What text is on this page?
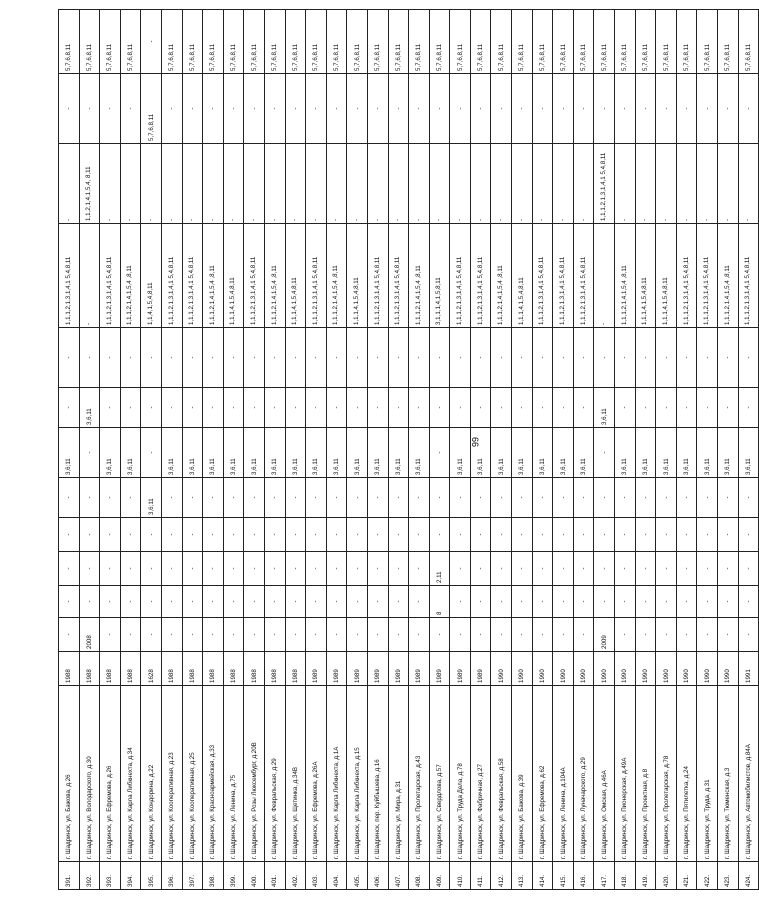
66
391.	г. Шадринск, ул. Бажова, д.26	1988	-	-	-	-	-	3,6;11	-	-	1,1,1,2,1,3,1,4,1 5,4,8,11	-	-	5,7,6,8,11
392.	г. Шадринск, ул. Володарского, д.30	1988	2008	-	-	-	-	-	3,6,11	-	-	1,1,2,1,4,1,5,4, 8,11	-	5,7,6,8,11
393.	г. Шадринск, ул. Ефремова, д.26	1988	-	-	-	-	-	3,6,11	-	-	1,1,1,2,1,3,1,4,1 5,4,8,11	-	-	5,7,6,8,11
394.	г. Шадринск, ул. Карла Либкнехта, д.34	1988	-	-	-	-	-	3,6,11	-	-	1,1,1,2,1,4,1,5,4 ,8,11	-	-	5,7,6,8,11
395.	г. Шадринск, ул. Кондорина, д.22	1628	-	-	-	-	3,6;11	-	-	-	1,1,4,1,5,4,8,11	-	5,7,6,8,11	-
396.	г. Шадринск, ул. Кооперативная, д.23	1988	-	-	-	-	-	3,6,11	-	-	1,1,1,2,1,3,1,4,1 5,4,8,11	-	-	5,7,6,8,11
397.	г. Шадринск, ул. Кооперативная, д.25	1988	-	-	-	-	-	3,6,11	-	-	1,1,1,2,1,3,1,4,1 5,4,8,11	-	-	5,7,6,8,11
398.	г. Шадринск, ул. Красноармейская, д.33	1988	-	-	-	-	-	3,6,11	-	-	1,1,1,2,1,4,1,5,4 ,8,11	-	-	5,7,6,8,11
399.	г. Шадринск, ул. Ленина, д.75	1988	-	-	-	-	-	3,6,11	-	-	1,1,1,4,1,5,4,8,11	-	-	5,7,6,8,11
400.	г. Шадринск, ул. Розы Люксембург, д.20В	1988	-	-	-	-	-	3,6,11	-	-	1,1,1,2,1,3,1,4,1 5,4,8,11	-	-	5,7,6,8,11
401.	г. Шадринск, ул. Февральская, д.29	1988	-	-	-	-	-	3,6,11	-	-	1,1,1,2,1,4,1,5,4 ,8,11	-	-	5,7,6,8,11
402.	г. Шадринск, ул. Щетинка, д.34В	1988	-	-	-	-	-	3,6,11	-	-	1,1,1,4,1,5,4,8,11	-	-	5,7,6,8,11
403.	г. Шадринск, ул. Ефремова, д.26А	1989	-	-	-	-	-	3,6,11	-	-	1,1,1,2,1,3,1,4,1 5,4,8,11	-	-	5,7,6,8,11
404.	г. Шадринск, ул. Карла Либкнехта, д.1А	1989	-	-	-	-	-	3,6,11	-	-	1,1,1,2,1,4,1,5,4 ,8,11	-	-	5,7,6,8,11
405.	г. Шадринск, ул. Карла Либкнехта, д.15	1989	-	-	-	-	-	3,6,11	-	-	1,1,1,4,1,5,4,8,11	-	-	5,7,6,8,11
406.	г. Шадринск, пер. Куйбышева, д.16	1989	-	-	-	-	-	3,6,11	-	-	1,1,1,2,1,3,1,4,1 5,4,8,11	-	-	5,7,6,8,11
407.	г. Шадринск, ул. Мира, д.31	1989	-	-	-	-	-	3,6,11	-	-	1,1,1,2,1,3,1,4,1 5,4,8,11	-	-	5,7,6,8,11
408.	г. Шадринск, ул. Пролетарская, д.43	1989	-	-	-	-	-	3,6,11	-	-	1,1,1,2,1,4,1,5,4 ,8,11	-	-	5,7,6,8,11
409.	г. Шадринск, ул. Свердлова, д.57	1989	-	8	2,11	-	-	-	-	-	3,1,1,1,4,1,5,8,11	-	-	5,7,6,8,11
410.	г. Шадринск, ул. Труда Дела, д.78	1989	-	-	-	-	-	3,6,11	-	-	1,1,1,2,1,3,1,4,1 5,4,8,11	-	-	5,7,6,8,11
411.	г. Шадринск, ул. Фабричная, д.27	1989	-	-	-	-	-	3,6,11	-	-	1,1,1,2,1,3,1,4,1 5,4,8,11	-	-	5,7,6,8,11
412.	г. Шадринск, ул. Февральская, д.58	1990	-	-	-	-	-	3,6,11	-	-	1,1,1,2,1,4,1,5,4 ,8,11	-	-	5,7,6,8,11
413.	г. Шадринск, ул. Бажова, д.39	1990	-	-	-	-	-	3,6,11	-	-	1,1,1,4,1,5,4,8,11	-	-	5,7,6,8,11
414.	г. Шадринск, ул. Ефремова, д.62	1990	-	-	-	-	-	3,6,11	-	-	1,1,1,2,1,3,1,4,1 5,4,8,11	-	-	5,7,6,8,11
415.	г. Шадринск, ул. Ленина, д.104А	1990	-	-	-	-	-	3,6,11	-	-	1,1,1,2,1,3,1,4,1 5,4,8,11	-	-	5,7,6,8,11
416.	г. Шадринск, ул. Луначарского, д.29	1990	-	-	-	-	-	3,6,11	-	-	1,1,1,2,1,3,1,4,1 5,4,8,11	-	-	5,7,6,8,11
417.	г. Шадринск, ул. Омская, д.46А	1990	2009	-	-	-	-	-	3,6,11	-	-	1,1,1,2,1,3,1,4,1 5,4,8,11	-	5,7,6,8,11
418.	г. Шадринск, ул. Пионерская, д.49А	1990	-	-	-	-	-	3,6,11	-	-	1,1,1,2,1,4,1,5,4 ,8,11	-	-	5,7,6,8,11
419.	г. Шадринск, ул. Проектная, д.8	1990	-	-	-	-	-	3,6,11	-	-	1,1,1,4,1,5,4,8,11	-	-	5,7,6,8,11
420.	г. Шадринск, ул. Пролетарская, д.78	1990	-	-	-	-	-	3,6,11	-	-	1,1,1,4,1,5,4,8,11	-	-	5,7,6,8,11
421.	г. Шадринск, ул. Пятилетка, д.24	1990	-	-	-	-	-	3,6,11	-	-	1,1,1,2,1,3,1,4,1 5,4,8,11	-	-	5,7,6,8,11
422.	г. Шадринск, ул. Труда, д.31	1990	-	-	-	-	-	3,6,11	-	-	1,1,1,2,1,3,1,4,1 5,4,8,11	-	-	5,7,6,8,11
423.	г. Шадринск, ул. Тюменская, д.3	1990	-	-	-	-	-	3,6,11	-	-	1,1,1,2,1,4,1,5,4 ,8,11	-	-	5,7,6,8,11
424.	г. Шадринск, ул. Автомобилистов, д.84А	1991	-	-	-	-	-	3,6,11	-	-	1,1,1,2,1,3,1,4,1 5,4,8,11	-	-	5,7,6,8,11
